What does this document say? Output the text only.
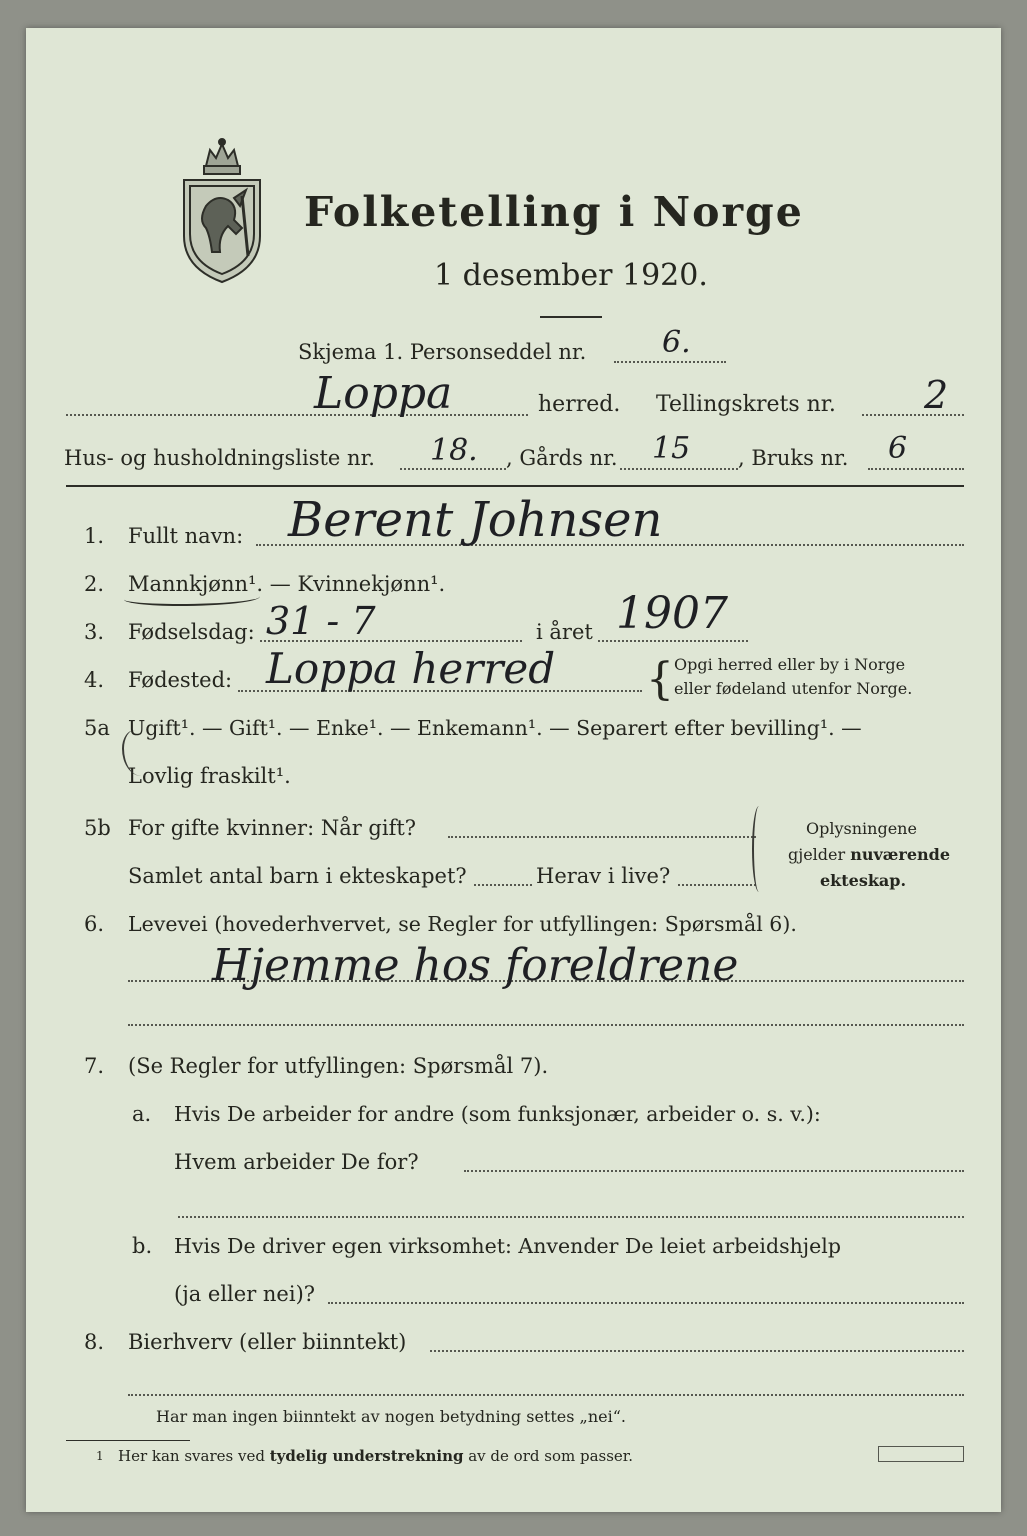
Folketelling i Norge
1 desember 1920.
Skjema 1. Personseddel nr.	6.
Loppa	herred. Tellingskrets nr. 2
Hus- og husholdningsliste nr. 18. , Gårds nr. 15 , Bruks nr. 6
1. Fullt navn: Berent Johnsen
2. Mannkjønn¹. — Kvinnekjønn¹.
3. Fødselsdag: 31 - 7	i året 1907
4. Fødested: Loppa herred { Opgi herred eller by i Norge
eller fødeland utenfor Norge.
5a Ugift¹. — Gift¹. — Enke¹. — Enkemann¹. — Separert efter bevilling¹. —
Lovlig fraskilt¹.
5b For gifte kvinner: Når gift?
Samlet antal barn i ekteskapet?	Herav i live?
Oplysningene
gjelder nuværende
ekteskap.
6. Levevei (hovederhvervet, se Regler for utfyllingen: Spørsmål 6).
Hjemme hos foreldrene
7. (Se Regler for utfyllingen: Spørsmål 7).
a. Hvis De arbeider for andre (som funksjonær, arbeider o. s. v.):
Hvem arbeider De for?
b. Hvis De driver egen virksomhet: Anvender De leiet arbeidshjelp
(ja eller nei)?
8. Bierhverv (eller biinntekt)
Har man ingen biinntekt av nogen betydning settes „nei“.
1 Her kan svares ved tydelig understrekning av de ord som passer.
